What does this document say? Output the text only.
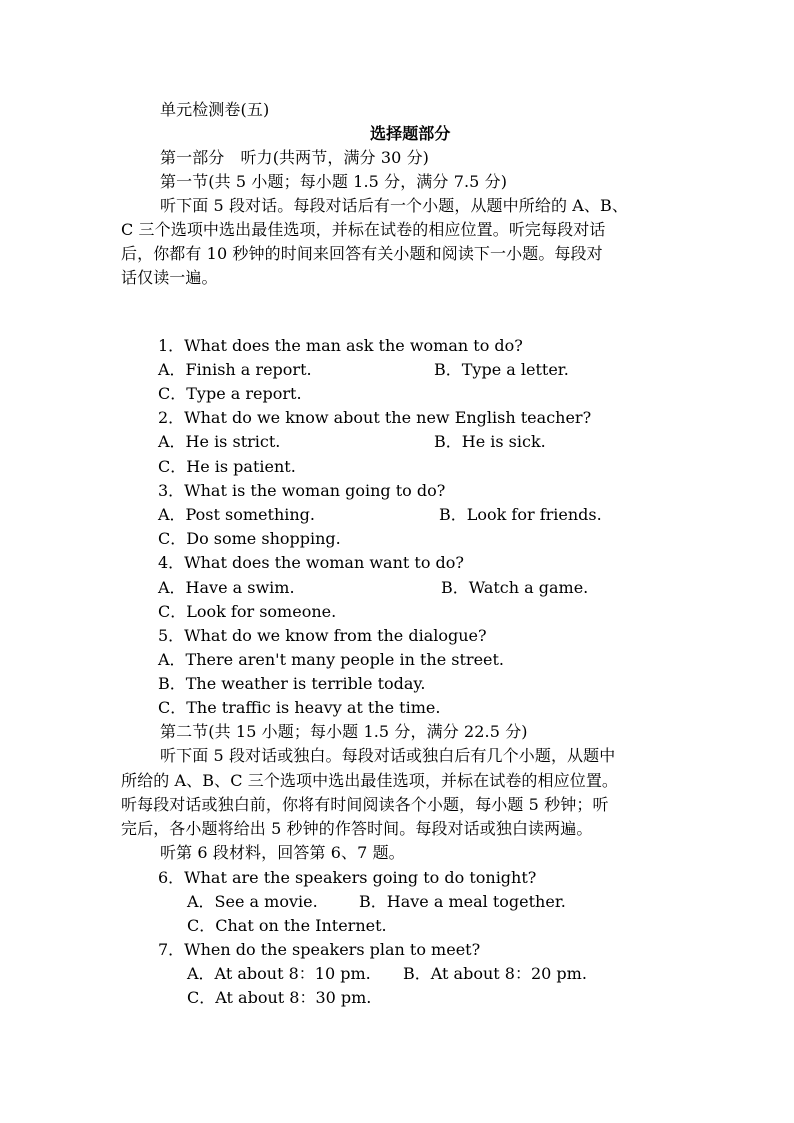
单元检测卷(五)
选择题部分
第一部分　听力(共两节，满分 30 分)
第一节(共 5 小题；每小题 1.5 分，满分 7.5 分)
听下面 5 段对话。每段对话后有一个小题，从题中所给的 A、B、
C 三个选项中选出最佳选项，并标在试卷的相应位置。听完每段对话
后，你都有 10 秒钟的时间来回答有关小题和阅读下一小题。每段对
话仅读一遍。
1．What does the man ask the woman to do?
A．Finish a report.	B．Type a letter.
C．Type a report.
2．What do we know about the new English teacher?
A．He is strict.	B．He is sick.
C．He is patient.
3．What is the woman going to do?
A．Post something.	B．Look for friends.
C．Do some shopping.
4．What does the woman want to do?
A．Have a swim.	B．Watch a game.
C．Look for someone.
5．What do we know from the dialogue?
A．There aren't many people in the street.
B．The weather is terrible today.
C．The traffic is heavy at the time.
第二节(共 15 小题；每小题 1.5 分，满分 22.5 分)
听下面 5 段对话或独白。每段对话或独白后有几个小题，从题中
所给的 A、B、C 三个选项中选出最佳选项，并标在试卷的相应位置。
听每段对话或独白前，你将有时间阅读各个小题，每小题 5 秒钟；听
完后，各小题将给出 5 秒钟的作答时间。每段对话或独白读两遍。
听第 6 段材料，回答第 6、7 题。
6．What are the speakers going to do tonight?
A．See a movie.	B．Have a meal together.
C．Chat on the Internet.
7．When do the speakers plan to meet?
A．At about 8：10 pm. B．At about 8：20 pm.
C．At about 8：30 pm.
